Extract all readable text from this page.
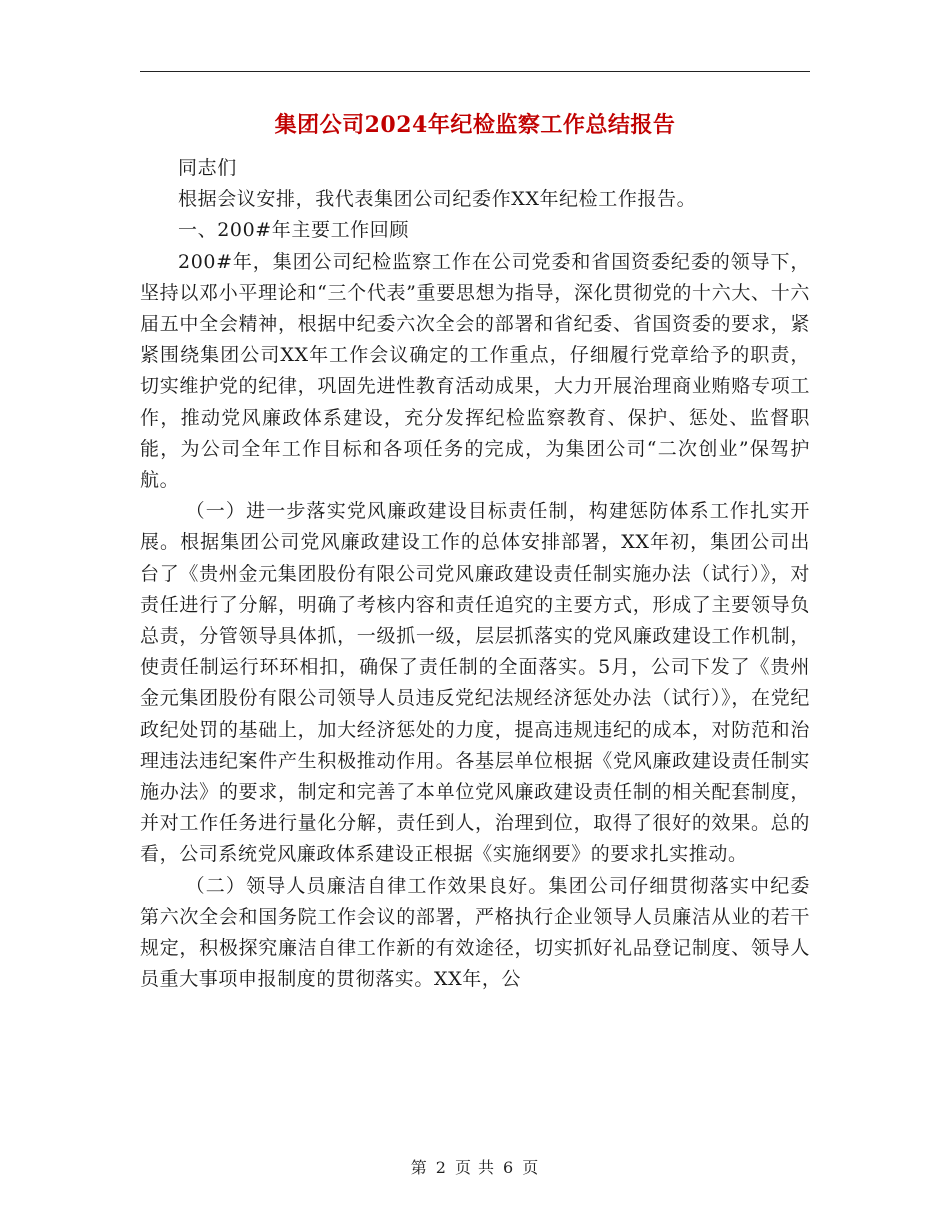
集团公司2024年纪检监察工作总结报告

同志们

根据会议安排，我代表集团公司纪委作XX年纪检工作报告。

一、200#年主要工作回顾

200#年，集团公司纪检监察工作在公司党委和省国资委纪委的领导下，坚持以邓小平理论和“三个代表”重要思想为指导，深化贯彻党的十六大、十六届五中全会精神，根据中纪委六次全会的部署和省纪委、省国资委的要求，紧紧围绕集团公司XX年工作会议确定的工作重点，仔细履行党章给予的职责，切实维护党的纪律，巩固先进性教育活动成果，大力开展治理商业贿赂专项工作，推动党风廉政体系建设，充分发挥纪检监察教育、保护、惩处、监督职能，为公司全年工作目标和各项任务的完成，为集团公司“二次创业”保驾护航。

（一）进一步落实党风廉政建设目标责任制，构建惩防体系工作扎实开展。根据集团公司党风廉政建设工作的总体安排部署，XX年初，集团公司出台了《贵州金元集团股份有限公司党风廉政建设责任制实施办法（试行）》，对责任进行了分解，明确了考核内容和责任追究的主要方式，形成了主要领导负总责，分管领导具体抓，一级抓一级，层层抓落实的党风廉政建设工作机制，使责任制运行环环相扣，确保了责任制的全面落实。5月，公司下发了《贵州金元集团股份有限公司领导人员违反党纪法规经济惩处办法（试行）》，在党纪政纪处罚的基础上，加大经济惩处的力度，提高违规违纪的成本，对防范和治理违法违纪案件产生积极推动作用。各基层单位根据《党风廉政建设责任制实施办法》的要求，制定和完善了本单位党风廉政建设责任制的相关配套制度，并对工作任务进行量化分解，责任到人，治理到位，取得了很好的效果。总的看，公司系统党风廉政体系建设正根据《实施纲要》的要求扎实推动。

（二）领导人员廉洁自律工作效果良好。集团公司仔细贯彻落实中纪委第六次全会和国务院工作会议的部署，严格执行企业领导人员廉洁从业的若干规定，积极探究廉洁自律工作新的有效途径，切实抓好礼品登记制度、领导人员重大事项申报制度的贯彻落实。XX年，公

第 2 页 共 6 页
